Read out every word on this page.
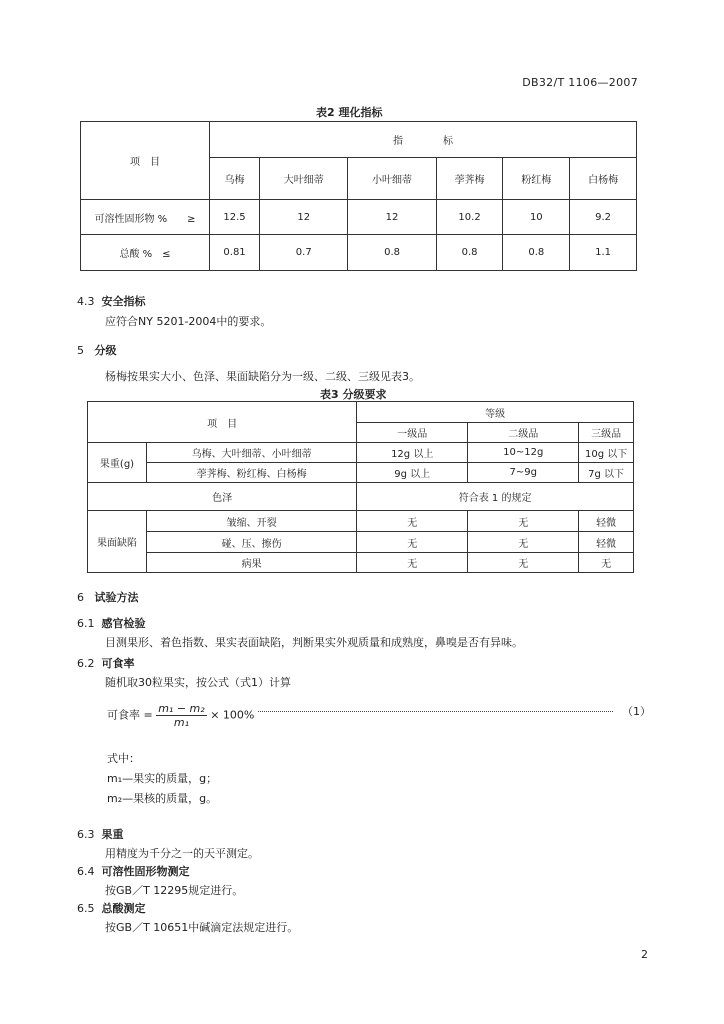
DB32/T 1106—2007
表2 理化指标
项　目	指　　　　标					
	乌梅	大叶细蒂	小叶细蒂	荸荠梅	粉红梅	白杨梅
可溶性固形物 %　　≥	12.5	12	12	10.2	10	9.2
总酸 %　≤	0.81	0.7	0.8	0.8	0.8	1.1
4.3 安全指标
应符合NY 5201-2004中的要求。
5 分级
杨梅按果实大小、色泽、果面缺陷分为一级、二级、三级见表3。
表3 分级要求
项　目		等级		
		一级品	二级品	三级品
果重(g)	乌梅、大叶细蒂、小叶细蒂	12g 以上	10~12g	10g 以下
	荸荠梅、粉红梅、白杨梅	9g 以上	7~9g	7g 以下
色泽		符合表 1 的规定		
果面缺陷	皱缩、开裂	无	无	轻微
	碰、压、擦伤	无	无	轻微
	病果	无	无	无
6 试验方法
6.1 感官检验
目测果形、着色指数、果实表面缺陷，判断果实外观质量和成熟度，鼻嗅是否有异味。
6.2 可食率
随机取30粒果实，按公式（式1）计算
可食率 = $\frac{\text{m₁ − m₂}}{\text{m₁}} \times 100\%$	（1）
式中：
m₁—果实的质量，g；
m₂—果核的质量，g。
6.3 果重
用精度为千分之一的天平测定。
6.4 可溶性固形物测定
按GB／T 12295规定进行。
6.5 总酸测定
按GB／T 10651中碱滴定法规定进行。
2
